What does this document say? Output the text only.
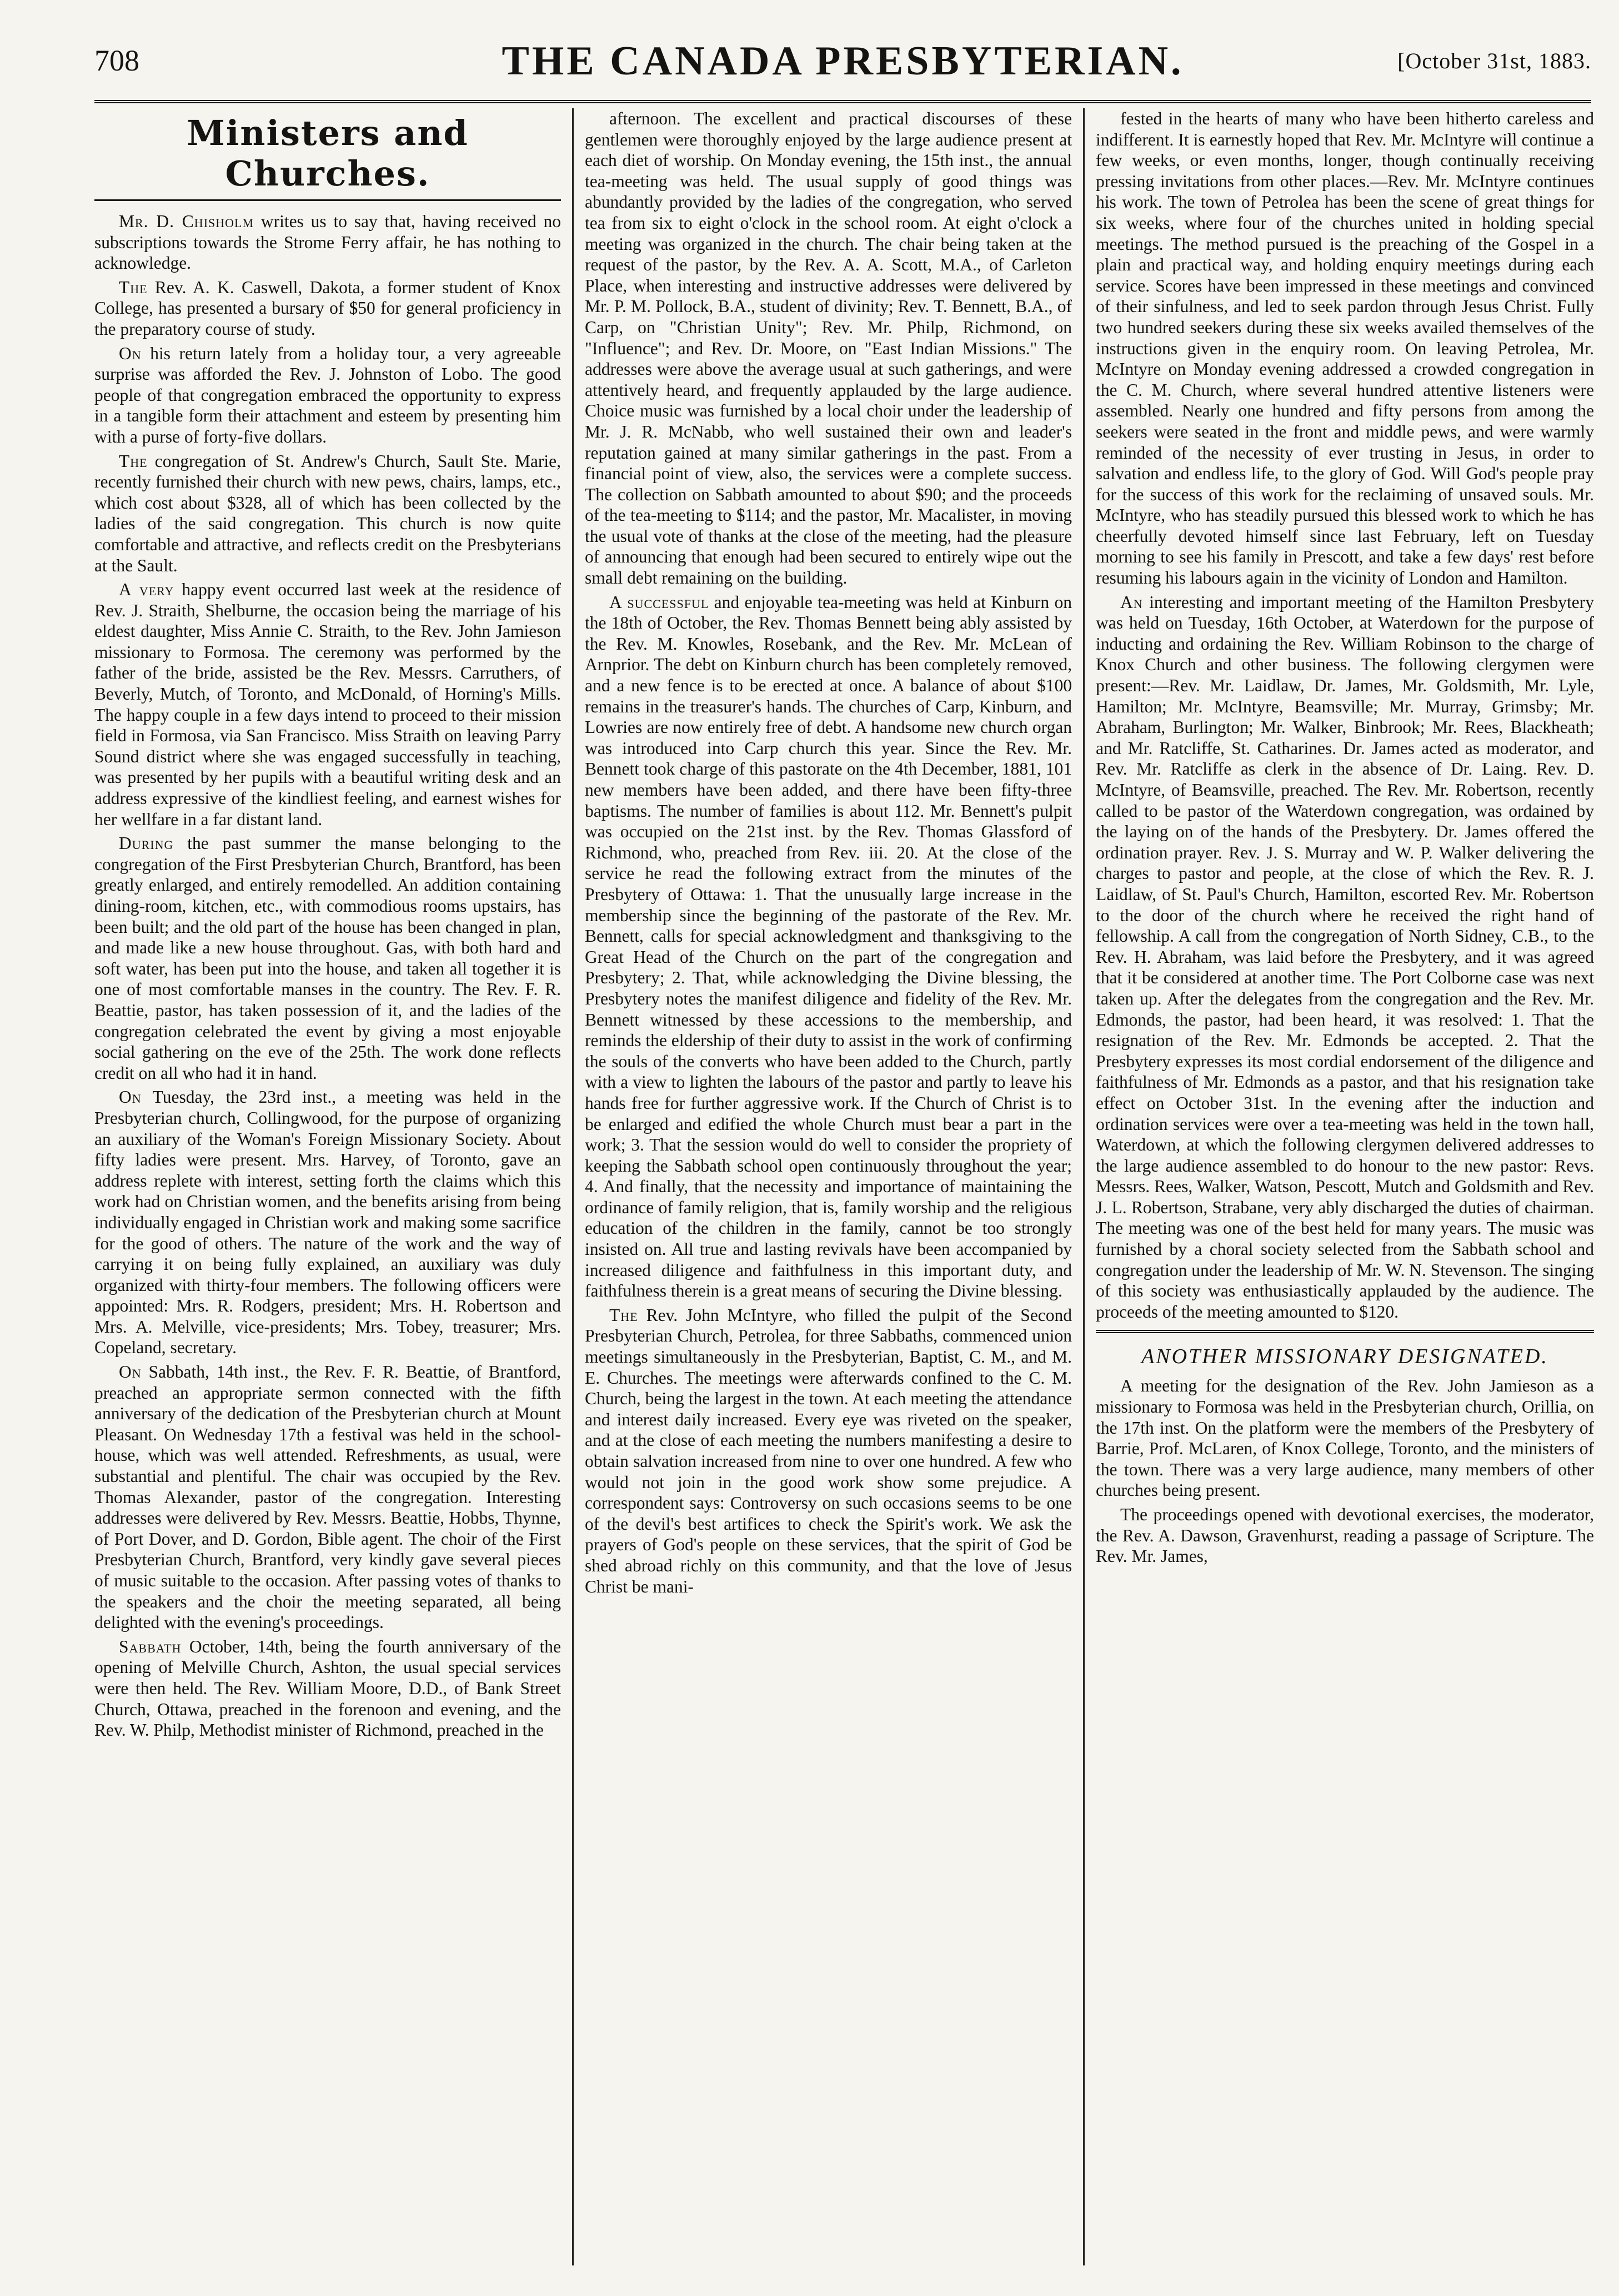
708	THE CANADA PRESBYTERIAN.	[October 31st, 1883.
Ministers and Churches.

Mr. D. Chisholm writes us to say that, having received no subscriptions towards the Strome Ferry affair, he has nothing to acknowledge.

The Rev. A. K. Caswell, Dakota, a former student of Knox College, has presented a bursary of $50 for general proficiency in the preparatory course of study.

On his return lately from a holiday tour, a very agreeable surprise was afforded the Rev. J. Johnston of Lobo. The good people of that congregation embraced the opportunity to express in a tangible form their attachment and esteem by presenting him with a purse of forty-five dollars.

The congregation of St. Andrew's Church, Sault Ste. Marie, recently furnished their church with new pews, chairs, lamps, etc., which cost about $328, all of which has been collected by the ladies of the said congregation. This church is now quite comfortable and attractive, and reflects credit on the Presbyterians at the Sault.

A very happy event occurred last week at the residence of Rev. J. Straith, Shelburne, the occasion being the marriage of his eldest daughter, Miss Annie C. Straith, to the Rev. John Jamieson missionary to Formosa. The ceremony was performed by the father of the bride, assisted be the Rev. Messrs. Carruthers, of Beverly, Mutch, of Toronto, and McDonald, of Horning's Mills. The happy couple in a few days intend to proceed to their mission field in Formosa, via San Francisco. Miss Straith on leaving Parry Sound district where she was engaged successfully in teaching, was presented by her pupils with a beautiful writing desk and an address expressive of the kindliest feeling, and earnest wishes for her wellfare in a far distant land.

During the past summer the manse belonging to the congregation of the First Presbyterian Church, Brantford, has been greatly enlarged, and entirely remodelled. An addition containing dining-room, kitchen, etc., with commodious rooms upstairs, has been built; and the old part of the house has been changed in plan, and made like a new house throughout. Gas, with both hard and soft water, has been put into the house, and taken all together it is one of most comfortable manses in the country. The Rev. F. R. Beattie, pastor, has taken possession of it, and the ladies of the congregation celebrated the event by giving a most enjoyable social gathering on the eve of the 25th. The work done reflects credit on all who had it in hand.

On Tuesday, the 23rd inst., a meeting was held in the Presbyterian church, Collingwood, for the purpose of organizing an auxiliary of the Woman's Foreign Missionary Society. About fifty ladies were present. Mrs. Harvey, of Toronto, gave an address replete with interest, setting forth the claims which this work had on Christian women, and the benefits arising from being individually engaged in Christian work and making some sacrifice for the good of others. The nature of the work and the way of carrying it on being fully explained, an auxiliary was duly organized with thirty-four members. The following officers were appointed: Mrs. R. Rodgers, president; Mrs. H. Robertson and Mrs. A. Melville, vice-presidents; Mrs. Tobey, treasurer; Mrs. Copeland, secretary.

On Sabbath, 14th inst., the Rev. F. R. Beattie, of Brantford, preached an appropriate sermon connected with the fifth anniversary of the dedication of the Presbyterian church at Mount Pleasant. On Wednesday 17th a festival was held in the school-house, which was well attended. Refreshments, as usual, were substantial and plentiful. The chair was occupied by the Rev. Thomas Alexander, pastor of the congregation. Interesting addresses were delivered by Rev. Messrs. Beattie, Hobbs, Thynne, of Port Dover, and D. Gordon, Bible agent. The choir of the First Presbyterian Church, Brantford, very kindly gave several pieces of music suitable to the occasion. After passing votes of thanks to the speakers and the choir the meeting separated, all being delighted with the evening's proceedings.

Sabbath October, 14th, being the fourth anniversary of the opening of Melville Church, Ashton, the usual special services were then held. The Rev. William Moore, D.D., of Bank Street Church, Ottawa, preached in the forenoon and evening, and the Rev. W. Philp, Methodist minister of Richmond, preached in the

afternoon. The excellent and practical discourses of these gentlemen were thoroughly enjoyed by the large audience present at each diet of worship. On Monday evening, the 15th inst., the annual tea-meeting was held. The usual supply of good things was abundantly provided by the ladies of the congregation, who served tea from six to eight o'clock in the school room. At eight o'clock a meeting was organized in the church. The chair being taken at the request of the pastor, by the Rev. A. A. Scott, M.A., of Carleton Place, when interesting and instructive addresses were delivered by Mr. P. M. Pollock, B.A., student of divinity; Rev. T. Bennett, B.A., of Carp, on "Christian Unity"; Rev. Mr. Philp, Richmond, on "Influence"; and Rev. Dr. Moore, on "East Indian Missions." The addresses were above the average usual at such gatherings, and were attentively heard, and frequently applauded by the large audience. Choice music was furnished by a local choir under the leadership of Mr. J. R. McNabb, who well sustained their own and leader's reputation gained at many similar gatherings in the past. From a financial point of view, also, the services were a complete success. The collection on Sabbath amounted to about $90; and the proceeds of the tea-meeting to $114; and the pastor, Mr. Macalister, in moving the usual vote of thanks at the close of the meeting, had the pleasure of announcing that enough had been secured to entirely wipe out the small debt remaining on the building.

A successful and enjoyable tea-meeting was held at Kinburn on the 18th of October, the Rev. Thomas Bennett being ably assisted by the Rev. M. Knowles, Rosebank, and the Rev. Mr. McLean of Arnprior. The debt on Kinburn church has been completely removed, and a new fence is to be erected at once. A balance of about $100 remains in the treasurer's hands. The churches of Carp, Kinburn, and Lowries are now entirely free of debt. A handsome new church organ was introduced into Carp church this year. Since the Rev. Mr. Bennett took charge of this pastorate on the 4th December, 1881, 101 new members have been added, and there have been fifty-three baptisms. The number of families is about 112. Mr. Bennett's pulpit was occupied on the 21st inst. by the Rev. Thomas Glassford of Richmond, who, preached from Rev. iii. 20. At the close of the service he read the following extract from the minutes of the Presbytery of Ottawa: 1. That the unusually large increase in the membership since the beginning of the pastorate of the Rev. Mr. Bennett, calls for special acknowledgment and thanksgiving to the Great Head of the Church on the part of the congregation and Presbytery; 2. That, while acknowledging the Divine blessing, the Presbytery notes the manifest diligence and fidelity of the Rev. Mr. Bennett witnessed by these accessions to the membership, and reminds the eldership of their duty to assist in the work of confirming the souls of the converts who have been added to the Church, partly with a view to lighten the labours of the pastor and partly to leave his hands free for further aggressive work. If the Church of Christ is to be enlarged and edified the whole Church must bear a part in the work; 3. That the session would do well to consider the propriety of keeping the Sabbath school open continuously throughout the year; 4. And finally, that the necessity and importance of maintaining the ordinance of family religion, that is, family worship and the religious education of the children in the family, cannot be too strongly insisted on. All true and lasting revivals have been accompanied by increased diligence and faithfulness in this important duty, and faithfulness therein is a great means of securing the Divine blessing.

The Rev. John McIntyre, who filled the pulpit of the Second Presbyterian Church, Petrolea, for three Sabbaths, commenced union meetings simultaneously in the Presbyterian, Baptist, C. M., and M. E. Churches. The meetings were afterwards confined to the C. M. Church, being the largest in the town. At each meeting the attendance and interest daily increased. Every eye was riveted on the speaker, and at the close of each meeting the numbers manifesting a desire to obtain salvation increased from nine to over one hundred. A few who would not join in the good work show some prejudice. A correspondent says: Controversy on such occasions seems to be one of the devil's best artifices to check the Spirit's work. We ask the prayers of God's people on these services, that the spirit of God be shed abroad richly on this community, and that the love of Jesus Christ be mani-

fested in the hearts of many who have been hitherto careless and indifferent. It is earnestly hoped that Rev. Mr. McIntyre will continue a few weeks, or even months, longer, though continually receiving pressing invitations from other places.—Rev. Mr. McIntyre continues his work. The town of Petrolea has been the scene of great things for six weeks, where four of the churches united in holding special meetings. The method pursued is the preaching of the Gospel in a plain and practical way, and holding enquiry meetings during each service. Scores have been impressed in these meetings and convinced of their sinfulness, and led to seek pardon through Jesus Christ. Fully two hundred seekers during these six weeks availed themselves of the instructions given in the enquiry room. On leaving Petrolea, Mr. McIntyre on Monday evening addressed a crowded congregation in the C. M. Church, where several hundred attentive listeners were assembled. Nearly one hundred and fifty persons from among the seekers were seated in the front and middle pews, and were warmly reminded of the necessity of ever trusting in Jesus, in order to salvation and endless life, to the glory of God. Will God's people pray for the success of this work for the reclaiming of unsaved souls. Mr. McIntyre, who has steadily pursued this blessed work to which he has cheerfully devoted himself since last February, left on Tuesday morning to see his family in Prescott, and take a few days' rest before resuming his labours again in the vicinity of London and Hamilton.

An interesting and important meeting of the Hamilton Presbytery was held on Tuesday, 16th October, at Waterdown for the purpose of inducting and ordaining the Rev. William Robinson to the charge of Knox Church and other business. The following clergymen were present:—Rev. Mr. Laidlaw, Dr. James, Mr. Goldsmith, Mr. Lyle, Hamilton; Mr. McIntyre, Beamsville; Mr. Murray, Grimsby; Mr. Abraham, Burlington; Mr. Walker, Binbrook; Mr. Rees, Blackheath; and Mr. Ratcliffe, St. Catharines. Dr. James acted as moderator, and Rev. Mr. Ratcliffe as clerk in the absence of Dr. Laing. Rev. D. McIntyre, of Beamsville, preached. The Rev. Mr. Robertson, recently called to be pastor of the Waterdown congregation, was ordained by the laying on of the hands of the Presbytery. Dr. James offered the ordination prayer. Rev. J. S. Murray and W. P. Walker delivering the charges to pastor and people, at the close of which the Rev. R. J. Laidlaw, of St. Paul's Church, Hamilton, escorted Rev. Mr. Robertson to the door of the church where he received the right hand of fellowship. A call from the congregation of North Sidney, C.B., to the Rev. H. Abraham, was laid before the Presbytery, and it was agreed that it be considered at another time. The Port Colborne case was next taken up. After the delegates from the congregation and the Rev. Mr. Edmonds, the pastor, had been heard, it was resolved: 1. That the resignation of the Rev. Mr. Edmonds be accepted. 2. That the Presbytery expresses its most cordial endorsement of the diligence and faithfulness of Mr. Edmonds as a pastor, and that his resignation take effect on October 31st. In the evening after the induction and ordination services were over a tea-meeting was held in the town hall, Waterdown, at which the following clergymen delivered addresses to the large audience assembled to do honour to the new pastor: Revs. Messrs. Rees, Walker, Watson, Pescott, Mutch and Goldsmith and Rev. J. L. Robertson, Strabane, very ably discharged the duties of chairman. The meeting was one of the best held for many years. The music was furnished by a choral society selected from the Sabbath school and congregation under the leadership of Mr. W. N. Stevenson. The singing of this society was enthusiastically applauded by the audience. The proceeds of the meeting amounted to $120.

ANOTHER MISSIONARY DESIGNATED.

A meeting for the designation of the Rev. John Jamieson as a missionary to Formosa was held in the Presbyterian church, Orillia, on the 17th inst. On the platform were the members of the Presbytery of Barrie, Prof. McLaren, of Knox College, Toronto, and the ministers of the town. There was a very large audience, many members of other churches being present.

The proceedings opened with devotional exercises, the moderator, the Rev. A. Dawson, Gravenhurst, reading a passage of Scripture. The Rev. Mr. James,
